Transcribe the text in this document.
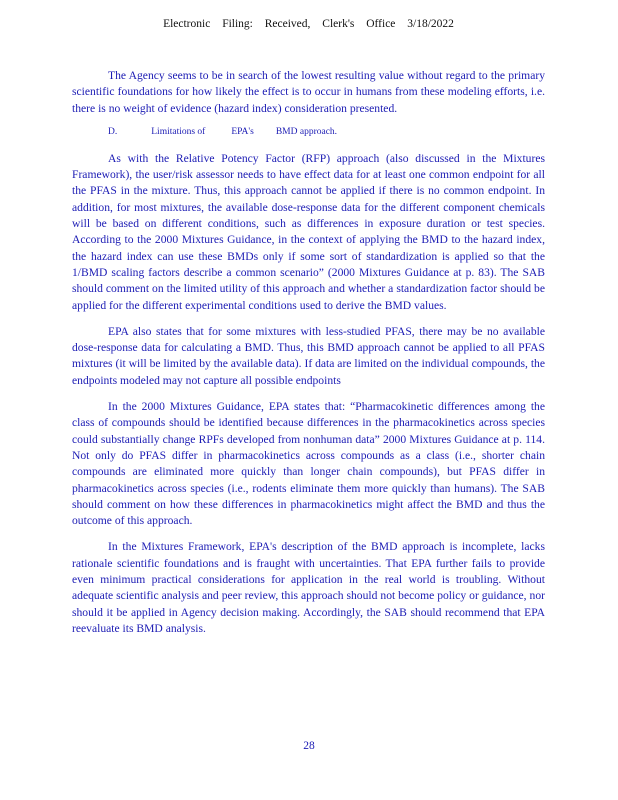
Electronic Filing: Received, Clerk's Office 3/18/2022

The Agency seems to be in search of the lowest resulting value without regard to the primary scientific foundations for how likely the effect is to occur in humans from these modeling efforts, i.e. there is no weight of evidence (hazard index) consideration presented.

D.	Limitations of	EPA's BMD approach.

As with the Relative Potency Factor (RFP) approach (also discussed in the Mixtures Framework), the user/risk assessor needs to have effect data for at least one common endpoint for all the PFAS in the mixture. Thus, this approach cannot be applied if there is no common endpoint. In addition, for most mixtures, the available dose-response data for the different component chemicals will be based on different conditions, such as differences in exposure duration or test species. According to the 2000 Mixtures Guidance, in the context of applying the BMD to the hazard index, the hazard index can use these BMDs only if some sort of standardization is applied so that the 1/BMD scaling factors describe a common scenario” (2000 Mixtures Guidance at p. 83). The SAB should comment on the limited utility of this approach and whether a standardization factor should be applied for the different experimental conditions used to derive the BMD values.

EPA also states that for some mixtures with less-studied PFAS, there may be no available dose-response data for calculating a BMD. Thus, this BMD approach cannot be applied to all PFAS mixtures (it will be limited by the available data). If data are limited on the individual compounds, the endpoints modeled may not capture all possible endpoints

In the 2000 Mixtures Guidance, EPA states that: “Pharmacokinetic differences among the class of compounds should be identified because differences in the pharmacokinetics across species could substantially change RPFs developed from nonhuman data” 2000 Mixtures Guidance at p. 114. Not only do PFAS differ in pharmacokinetics across compounds as a class (i.e., shorter chain compounds are eliminated more quickly than longer chain compounds), but PFAS differ in pharmacokinetics across species (i.e., rodents eliminate them more quickly than humans). The SAB should comment on how these differences in pharmacokinetics might affect the BMD and thus the outcome of this approach.

In the Mixtures Framework, EPA's description of the BMD approach is incomplete, lacks rationale scientific foundations and is fraught with uncertainties. That EPA further fails to provide even minimum practical considerations for application in the real world is troubling. Without adequate scientific analysis and peer review, this approach should not become policy or guidance, nor should it be applied in Agency decision making. Accordingly, the SAB should recommend that EPA reevaluate its BMD analysis.

28
